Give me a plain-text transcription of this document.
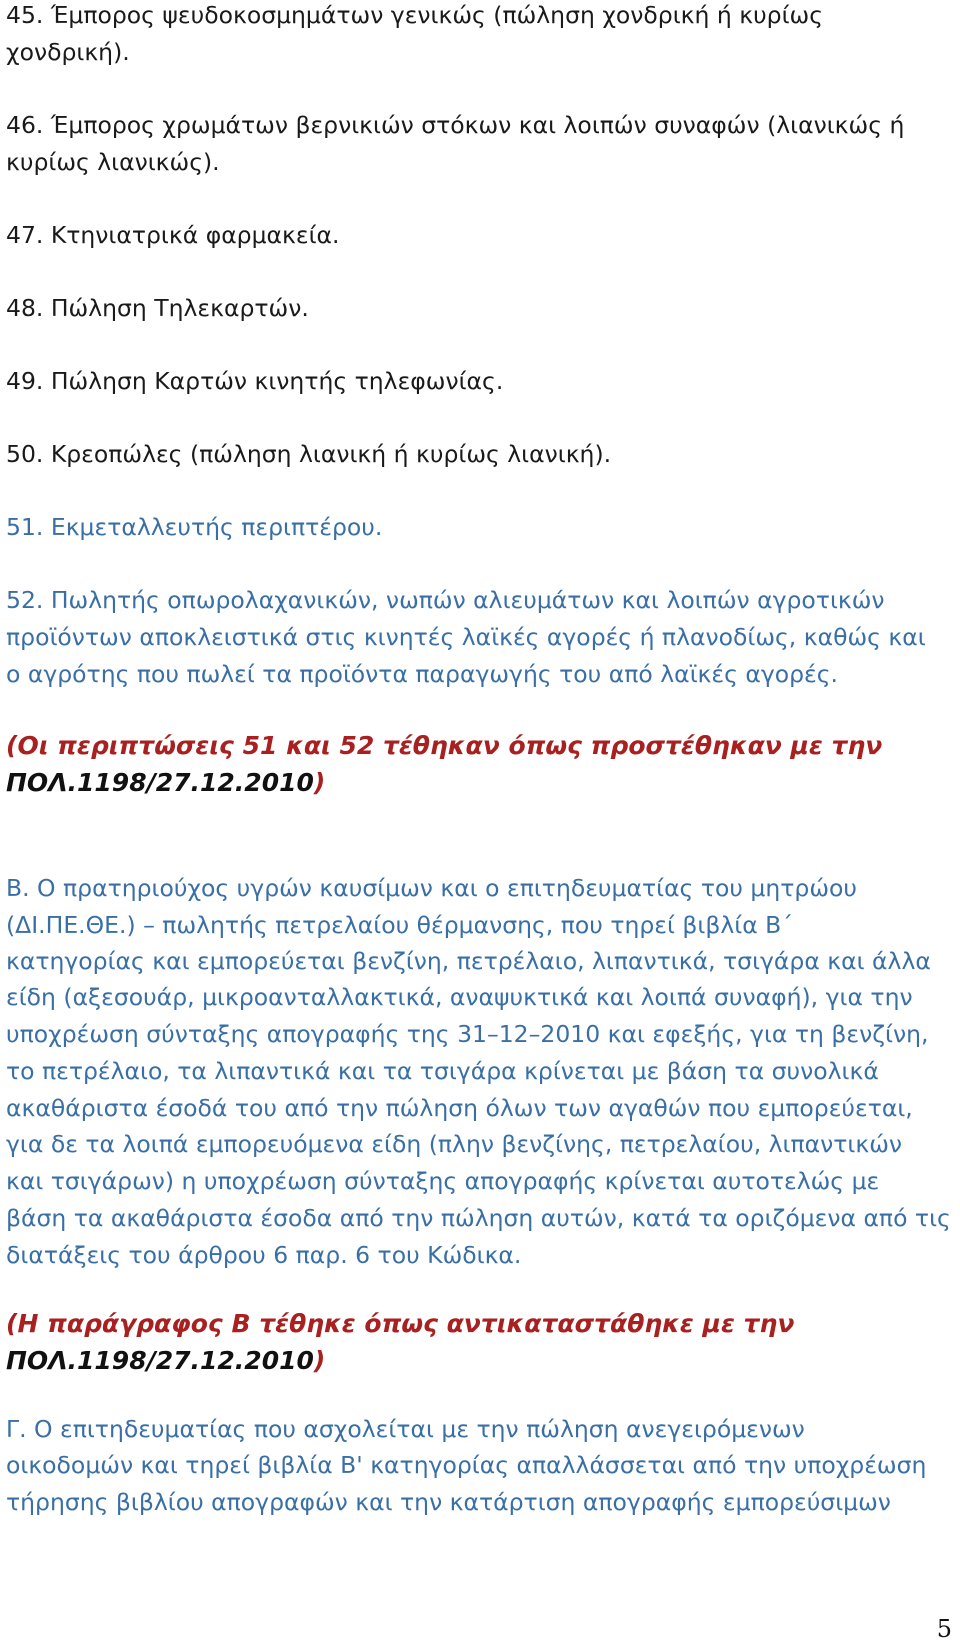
45. Έμπορος ψευδοκοσμημάτων γενικώς (πώληση χονδρική ή κυρίως

χονδρική).

46. Έμπορος χρωμάτων βερνικιών στόκων και λοιπών συναφών (λιανικώς ή

κυρίως λιανικώς).

47. Κτηνιατρικά φαρμακεία.

48. Πώληση Τηλεκαρτών.

49. Πώληση Καρτών κινητής τηλεφωνίας.

50. Κρεοπώλες (πώληση λιανική ή κυρίως λιανική).

51. Εκμεταλλευτής περιπτέρου.

52. Πωλητής οπωρολαχανικών, νωπών αλιευμάτων και λοιπών αγροτικών

προϊόντων αποκλειστικά στις κινητές λαϊκές αγορές ή πλανοδίως, καθώς και

ο αγρότης που πωλεί τα προϊόντα παραγωγής του από λαϊκές αγορές.

(Οι περιπτώσεις 51 και 52 τέθηκαν όπως προστέθηκαν με την

ΠΟΛ.1198/27.12.2010)

Β. Ο πρατηριούχος υγρών καυσίμων και ο επιτηδευματίας του μητρώου

(ΔΙ.ΠΕ.ΘΕ.) – πωλητής πετρελαίου θέρμανσης, που τηρεί βιβλία Β΄

κατηγορίας και εμπορεύεται βενζίνη, πετρέλαιο, λιπαντικά, τσιγάρα και άλλα

είδη (αξεσουάρ, μικροανταλλακτικά, αναψυκτικά και λοιπά συναφή), για την

υποχρέωση σύνταξης απογραφής της 31–12–2010 και εφεξής, για τη βενζίνη,

το πετρέλαιο, τα λιπαντικά και τα τσιγάρα κρίνεται με βάση τα συνολικά

ακαθάριστα έσοδά του από την πώληση όλων των αγαθών που εμπορεύεται,

για δε τα λοιπά εμπορευόμενα είδη (πλην βενζίνης, πετρελαίου, λιπαντικών

και τσιγάρων) η υποχρέωση σύνταξης απογραφής κρίνεται αυτοτελώς με

βάση τα ακαθάριστα έσοδα από την πώληση αυτών, κατά τα οριζόμενα από τις

διατάξεις του άρθρου 6 παρ. 6 του Κώδικα.

(Η παράγραφος Β τέθηκε όπως αντικαταστάθηκε με την

ΠΟΛ.1198/27.12.2010)

Γ. Ο επιτηδευματίας που ασχολείται με την πώληση ανεγειρόμενων

οικοδομών και τηρεί βιβλία Β' κατηγορίας απαλλάσσεται από την υποχρέωση

τήρησης βιβλίου απογραφών και την κατάρτιση απογραφής εμπορεύσιμων

5
